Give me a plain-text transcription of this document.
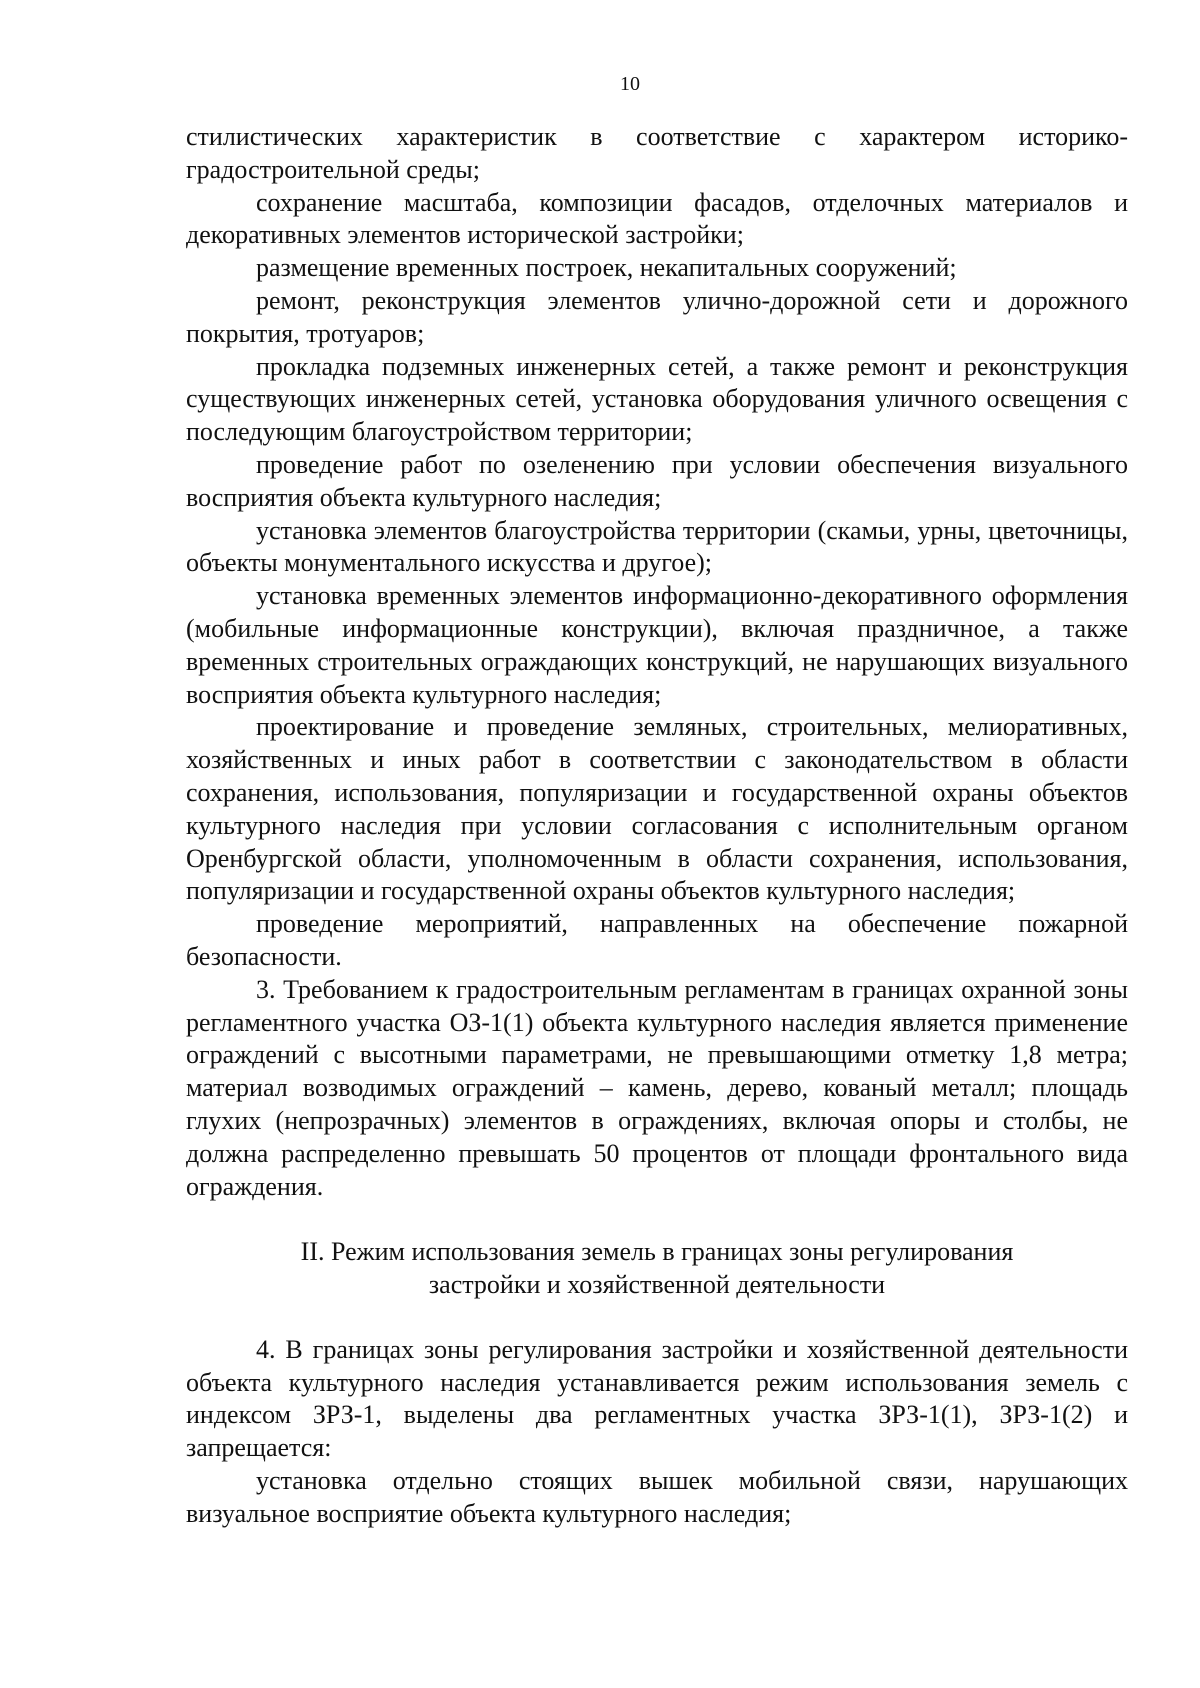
10

стилистических характеристик в соответствие с характером историко-градостроительной среды;

сохранение масштаба, композиции фасадов, отделочных материалов и декоративных элементов исторической застройки;

размещение временных построек, некапитальных сооружений;

ремонт, реконструкция элементов улично-дорожной сети и дорожного покрытия, тротуаров;

прокладка подземных инженерных сетей, а также ремонт и реконструкция существующих инженерных сетей, установка оборудования уличного освещения с последующим благоустройством территории;

проведение работ по озеленению при условии обеспечения визуального восприятия объекта культурного наследия;

установка элементов благоустройства территории (скамьи, урны, цветочницы, объекты монументального искусства и другое);

установка временных элементов информационно-декоративного оформления (мобильные информационные конструкции), включая праздничное, а также временных строительных ограждающих конструкций, не нарушающих визуального восприятия объекта культурного наследия;

проектирование и проведение земляных, строительных, мелиоративных, хозяйственных и иных работ в соответствии с законодательством в области сохранения, использования, популяризации и государственной охраны объектов культурного наследия при условии согласования с исполнительным органом Оренбургской области, уполномоченным в области сохранения, использования, популяризации и государственной охраны объектов культурного наследия;

проведение мероприятий, направленных на обеспечение пожарной безопасности.

3. Требованием к градостроительным регламентам в границах охранной зоны регламентного участка ОЗ-1(1) объекта культурного наследия является применение ограждений с высотными параметрами, не превышающими отметку 1,8 метра; материал возводимых ограждений – камень, дерево, кованый металл; площадь глухих (непрозрачных) элементов в ограждениях, включая опоры и столбы, не должна распределенно превышать 50 процентов от площади фронтального вида ограждения.

II. Режим использования земель в границах зоны регулирования
застройки и хозяйственной деятельности

4. В границах зоны регулирования застройки и хозяйственной деятельности объекта культурного наследия устанавливается режим использования земель с индексом ЗРЗ-1, выделены два регламентных участка ЗРЗ-1(1), ЗРЗ-1(2) и запрещается:

установка отдельно стоящих вышек мобильной связи, нарушающих визуальное восприятие объекта культурного наследия;
